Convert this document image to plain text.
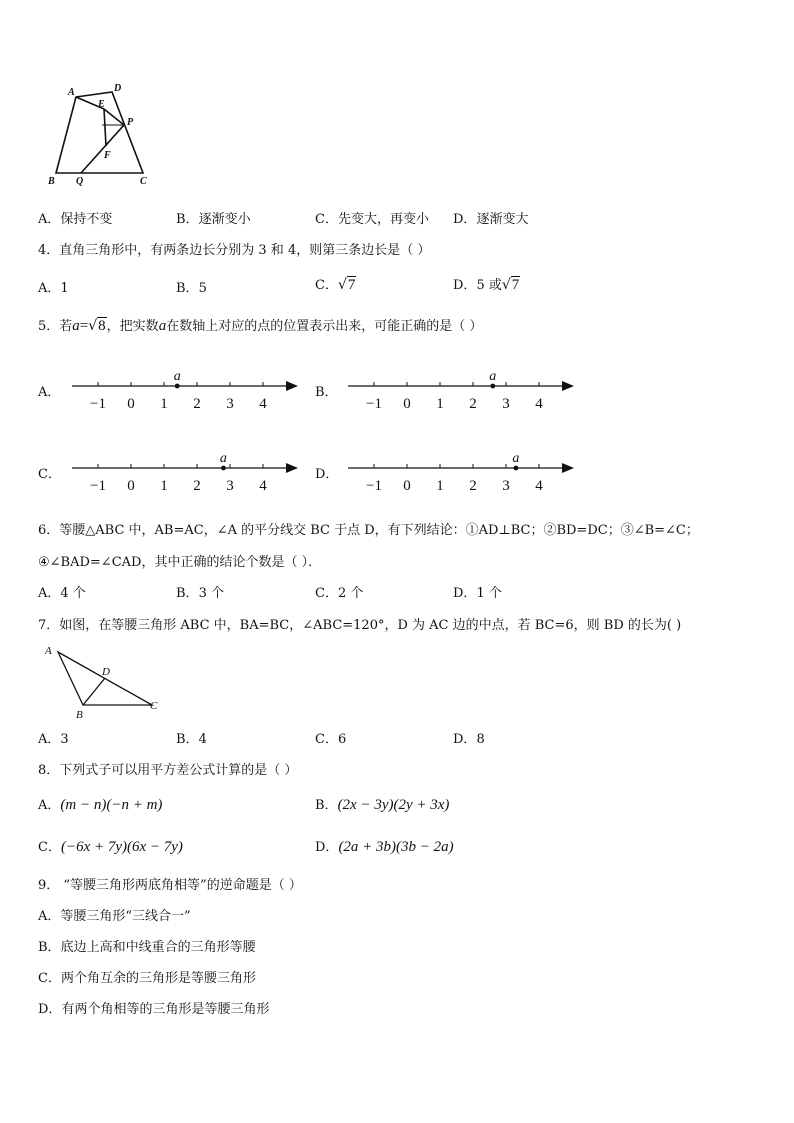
A	D
E
P
F
B Q	C
A．保持不变	B．逐渐变小	C．先变大，再变小 D．逐渐变大
4．直角三角形中，有两条边长分别为 3 和 4，则第三条边长是（ ）
A．1	B．5	C．√7	D．5 或√7
5．若a=√8，把实数a在数轴上对应的点的位置表示出来，可能正确的是（ ）
A．
−1 0 1 2 3 4
a
B．
−1 0 1 2 3 4
a
C．
−1 0 1 2 3 4
a
D．
−1 0 1 2 3 4
a
6．等腰△ABC 中，AB=AC，∠A 的平分线交 BC 于点 D，有下列结论：①AD⊥BC；②BD=DC；③∠B=∠C；
④∠BAD=∠CAD，其中正确的结论个数是（ ）．
A．4 个	B．3 个	C．2 个	D．1 个
7．如图，在等腰三角形 ABC 中，BA=BC，∠ABC=120°，D 为 AC 边的中点，若 BC=6，则 BD 的长为( )
A
D
B
C
A．3	B．4	C．6	D．8
8．下列式子可以用平方差公式计算的是（ ）
A．(m − n)(−n + m)	B．(2x − 3y)(2y + 3x)
C．(−6x + 7y)(6x − 7y)	D．(2a + 3b)(3b − 2a)
9． “等腰三角形两底角相等”的逆命题是（ ）
A．等腰三角形“三线合一”
B．底边上高和中线重合的三角形等腰
C．两个角互余的三角形是等腰三角形
D．有两个角相等的三角形是等腰三角形
